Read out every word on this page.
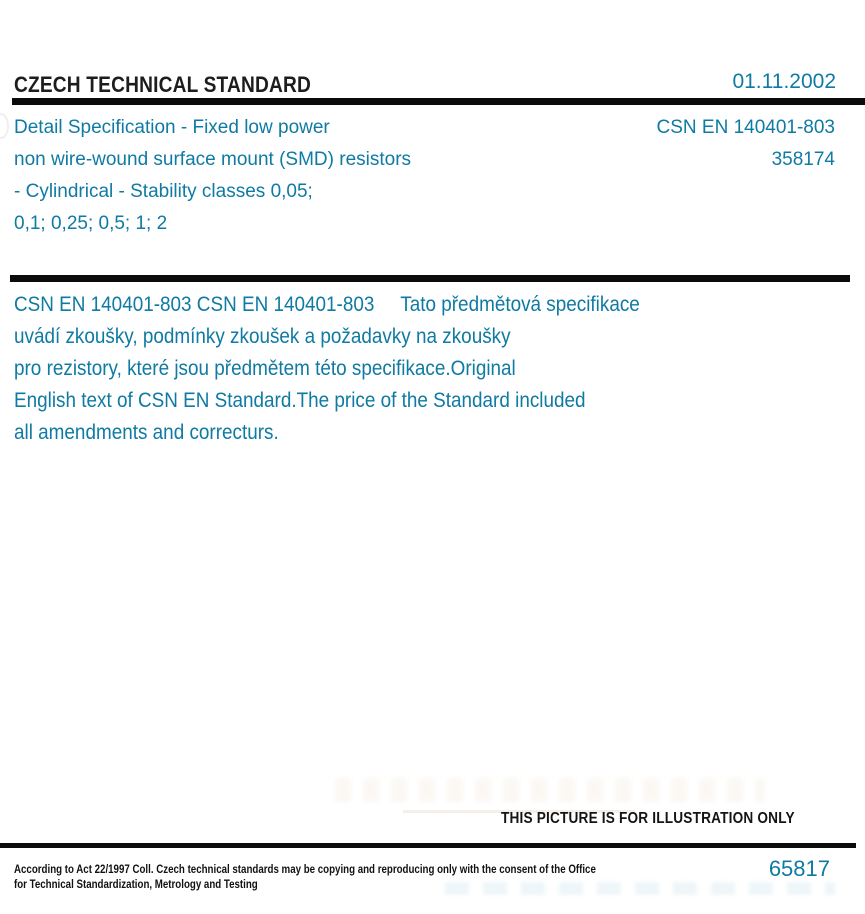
CZECH TECHNICAL STANDARD	01.11.2002
Detail Specification - Fixed low power
non wire-wound surface mount (SMD) resistors
- Cylindrical - Stability classes 0,05;
0,1; 0,25; 0,5; 1; 2
CSN EN 140401-803
358174
CSN EN 140401-803 CSN EN 140401-803     Tato předmětová specifikace
uvádí zkoušky, podmínky zkoušek a požadavky na zkoušky
pro rezistory, které jsou předmětem této specifikace.Original
English text of CSN EN Standard.The price of the Standard included
all amendments and correcturs.
THIS PICTURE IS FOR ILLUSTRATION ONLY
According to Act 22/1997 Coll. Czech technical standards may be copying and reproducing only with the consent of the Office
for Technical Standardization, Metrology and Testing
65817
